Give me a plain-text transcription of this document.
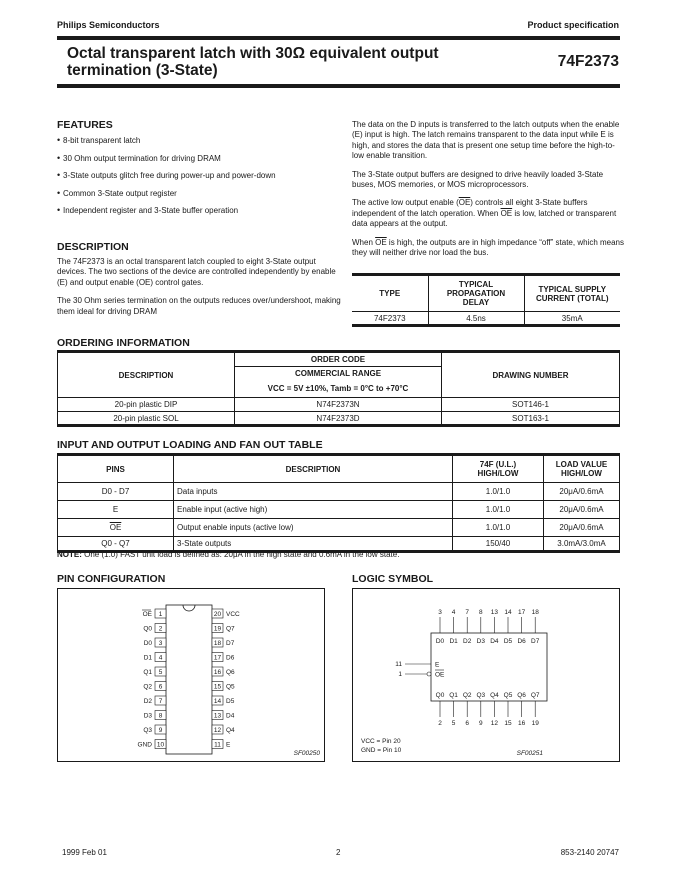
Philips Semiconductors	Product specification
Octal transparent latch with 30Ω equivalent output termination (3-State)
74F2373
FEATURES
• 8-bit transparent latch
• 30 Ohm output termination for driving DRAM
• 3-State outputs glitch free during power-up and power-down
• Common 3-State output register
• Independent register and 3-State buffer operation
DESCRIPTION

The 74F2373 is an octal transparent latch coupled to eight 3-State output devices. The two sections of the device are controlled independently by enable (E) and output enable (OE) control gates.

The 30 Ohm series termination on the outputs reduces over/undershoot, making them ideal for driving DRAM

The data on the D inputs is transferred to the latch outputs when the enable (E) input is high. The latch remains transparent to the data input while E is high, and stores the data that is present one setup time before the high-to-low enable transition.

The 3-State output buffers are designed to drive heavily loaded 3-State buses, MOS memories, or MOS microprocessors.

The active low output enable $(\overline{OE})$ controls all eight 3-State buffers independent of the latch operation. When $\overline{OE}$ is low, latched or transparent data appears at the output.

When $\overline{OE}$ is high, the outputs are in high impedance “off” state, which means they will neither drive nor load the bus.

TYPE	TYPICAL PROPAGATION DELAY	TYPICAL SUPPLY CURRENT (TOTAL)
74F2373	4.5ns	35mA
ORDERING INFORMATION
DESCRIPTION	ORDER CODE	DRAWING NUMBER
	COMMERCIAL RANGE	
	VCC = 5V ±10%, Tamb = 0°C to +70°C	
20-pin plastic DIP	N74F2373N	SOT146-1
20-pin plastic SOL	N74F2373D	SOT163-1
INPUT AND OUTPUT LOADING AND FAN OUT TABLE
PINS	DESCRIPTION	74F (U.L.) HIGH/LOW	LOAD VALUE HIGH/LOW
D0 - D7	Data inputs	1.0/1.0	20μA/0.6mA
E	Enable input (active high)	1.0/1.0	20μA/0.6mA
$\overline{OE}$	Output enable inputs (active low)	1.0/1.0	20μA/0.6mA
Q0 - Q7	3-State outputs	150/40	3.0mA/3.0mA
NOTE: One (1.0) FAST unit load is defined as: 20μA in the high state and 0.6mA in the low state.
PIN CONFIGURATION
1
OE
2
Q0
3
D0
4
D1
5
Q1
6
Q2
7
D2
8
D3
9
Q3
10
GND
20 VCC
19 Q7
18 D7
17 D6
16 Q6
15 Q5
14 D5
13 D4
12 Q4
11 E
SF00250
LOGIC SYMBOL
3
D0
Q0
2
4
D1
Q1
5
7
D2
Q2
6
8
D3
Q3
9
13
D4
Q4
12
14
D5
Q5
15
17
D6
Q6
16
18
D7
Q7
19
11	E
1	OE
VCC = Pin 20
GND = Pin 10	SF00251
1999 Feb 01	2	853-2140 20747
